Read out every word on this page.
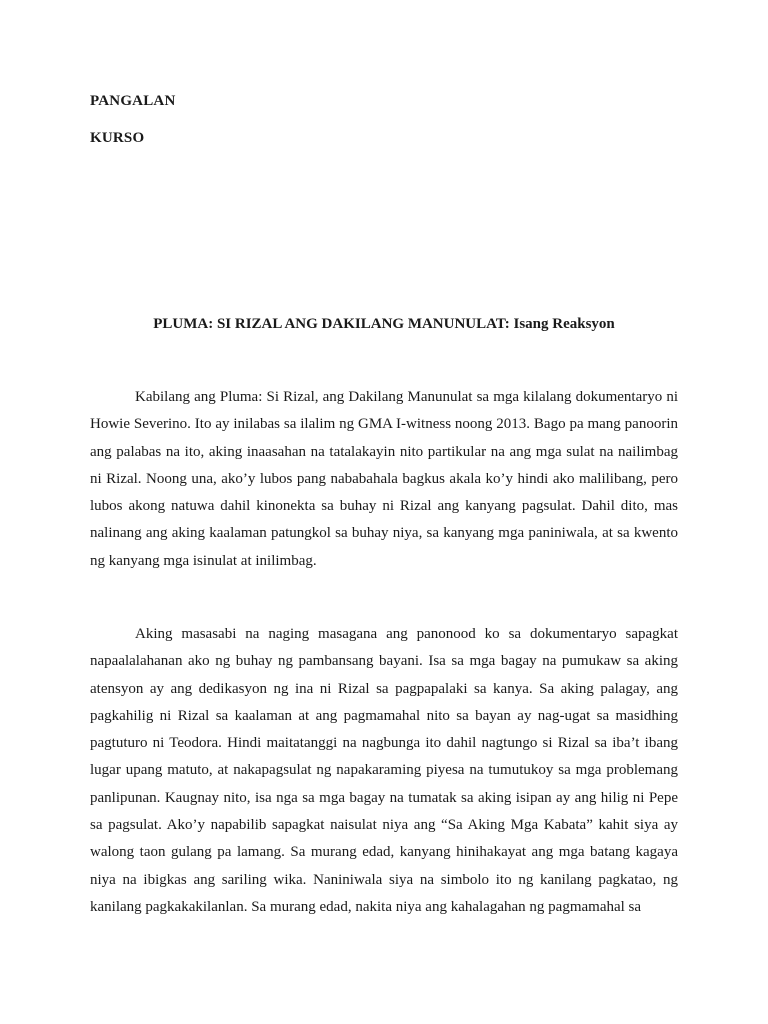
PANGALAN
KURSO
PLUMA: SI RIZAL ANG DAKILANG MANUNULAT: Isang Reaksyon

Kabilang ang Pluma: Si Rizal, ang Dakilang Manunulat sa mga kilalang dokumentaryo ni Howie Severino. Ito ay inilabas sa ilalim ng GMA I-witness noong 2013. Bago pa mang panoorin ang palabas na ito, aking inaasahan na tatalakayin nito partikular na ang mga sulat na nailimbag ni Rizal. Noong una, ako’y lubos pang nababahala bagkus akala ko’y hindi ako malilibang, pero lubos akong natuwa dahil kinonekta sa buhay ni Rizal ang kanyang pagsulat. Dahil dito, mas nalinang ang aking kaalaman patungkol sa buhay niya, sa kanyang mga paniniwala, at sa kwento ng kanyang mga isinulat at inilimbag.

Aking masasabi na naging masagana ang panonood ko sa dokumentaryo sapagkat napaalalahanan ako ng buhay ng pambansang bayani. Isa sa mga bagay na pumukaw sa aking atensyon ay ang dedikasyon ng ina ni Rizal sa pagpapalaki sa kanya. Sa aking palagay, ang pagkahilig ni Rizal sa kaalaman at ang pagmamahal nito sa bayan ay nag-ugat sa masidhing pagtuturo ni Teodora. Hindi maitatanggi na nagbunga ito dahil nagtungo si Rizal sa iba’t ibang lugar upang matuto, at nakapagsulat ng napakaraming piyesa na tumutukoy sa mga problemang panlipunan. Kaugnay nito, isa nga sa mga bagay na tumatak sa aking isipan ay ang hilig ni Pepe sa pagsulat. Ako’y napabilib sapagkat naisulat niya ang “Sa Aking Mga Kabata” kahit siya ay walong taon gulang pa lamang. Sa murang edad, kanyang hinihakayat ang mga batang kagaya niya na ibigkas ang sariling wika. Naniniwala siya na simbolo ito ng kanilang pagkatao, ng kanilang pagkakakilanlan. Sa murang edad, nakita niya ang kahalagahan ng pagmamahal sa
